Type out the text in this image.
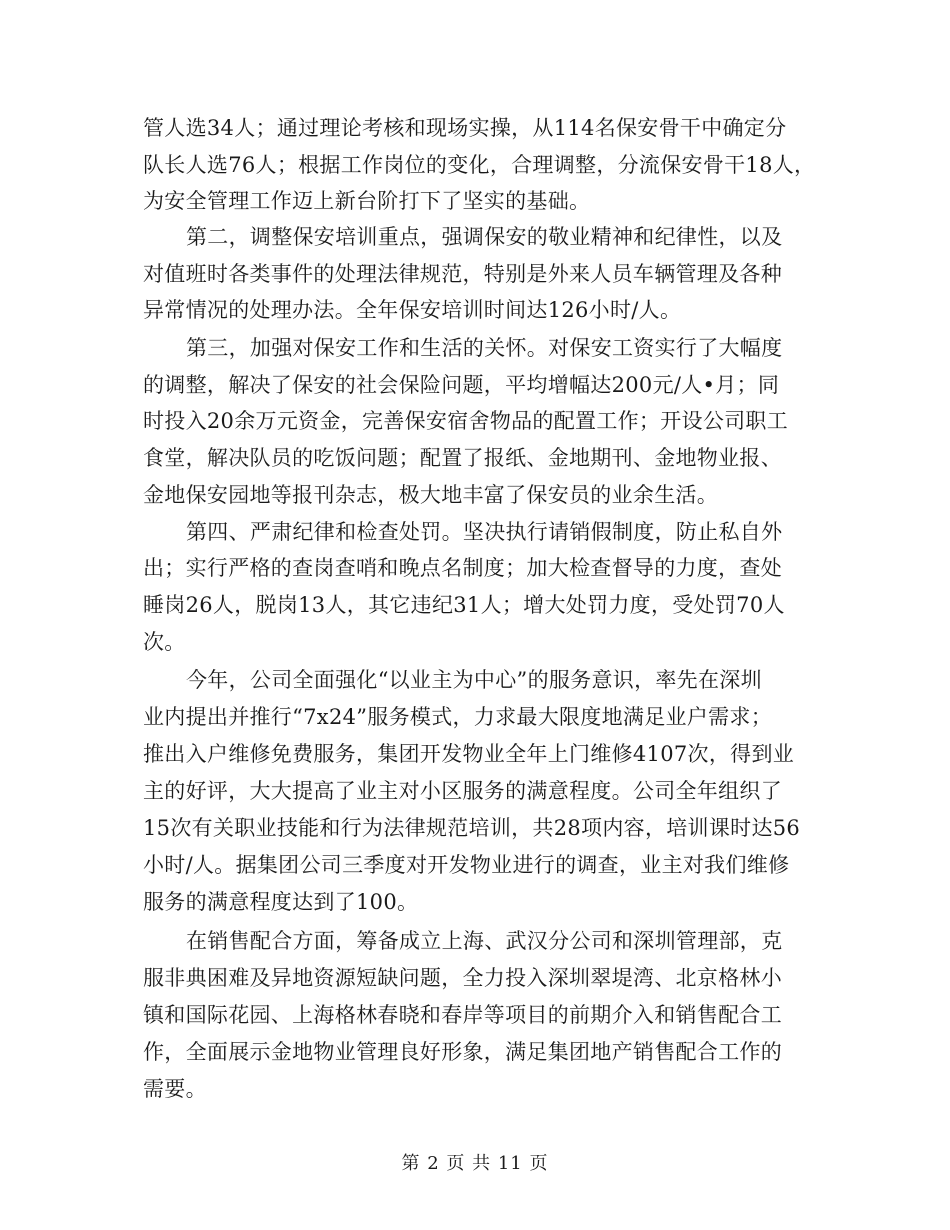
管人选34人；通过理论考核和现场实操，从114名保安骨干中确定分
队长人选76人；根据工作岗位的变化，合理调整，分流保安骨干18人，
为安全管理工作迈上新台阶打下了坚实的基础。
第二，调整保安培训重点，强调保安的敬业精神和纪律性，以及
对值班时各类事件的处理法律规范，特别是外来人员车辆管理及各种
异常情况的处理办法。全年保安培训时间达126小时/人。
第三，加强对保安工作和生活的关怀。对保安工资实行了大幅度
的调整，解决了保安的社会保险问题，平均增幅达200元/人•月；同
时投入20余万元资金，完善保安宿舍物品的配置工作；开设公司职工
食堂，解决队员的吃饭问题；配置了报纸、金地期刊、金地物业报、
金地保安园地等报刊杂志，极大地丰富了保安员的业余生活。
第四、严肃纪律和检查处罚。坚决执行请销假制度，防止私自外
出；实行严格的查岗查哨和晚点名制度；加大检查督导的力度，查处
睡岗26人，脱岗13人，其它违纪31人；增大处罚力度，受处罚70人
次。
今年，公司全面强化“以业主为中心”的服务意识，率先在深圳
业内提出并推行“7x24”服务模式，力求最大限度地满足业户需求；
推出入户维修免费服务，集团开发物业全年上门维修4107次，得到业
主的好评，大大提高了业主对小区服务的满意程度。公司全年组织了
15次有关职业技能和行为法律规范培训，共28项内容，培训课时达56
小时/人。据集团公司三季度对开发物业进行的调查，业主对我们维修
服务的满意程度达到了100。
在销售配合方面，筹备成立上海、武汉分公司和深圳管理部，克
服非典困难及异地资源短缺问题，全力投入深圳翠堤湾、北京格林小
镇和国际花园、上海格林春晓和春岸等项目的前期介入和销售配合工
作，全面展示金地物业管理良好形象，满足集团地产销售配合工作的
需要。
第 2 页 共 11 页
